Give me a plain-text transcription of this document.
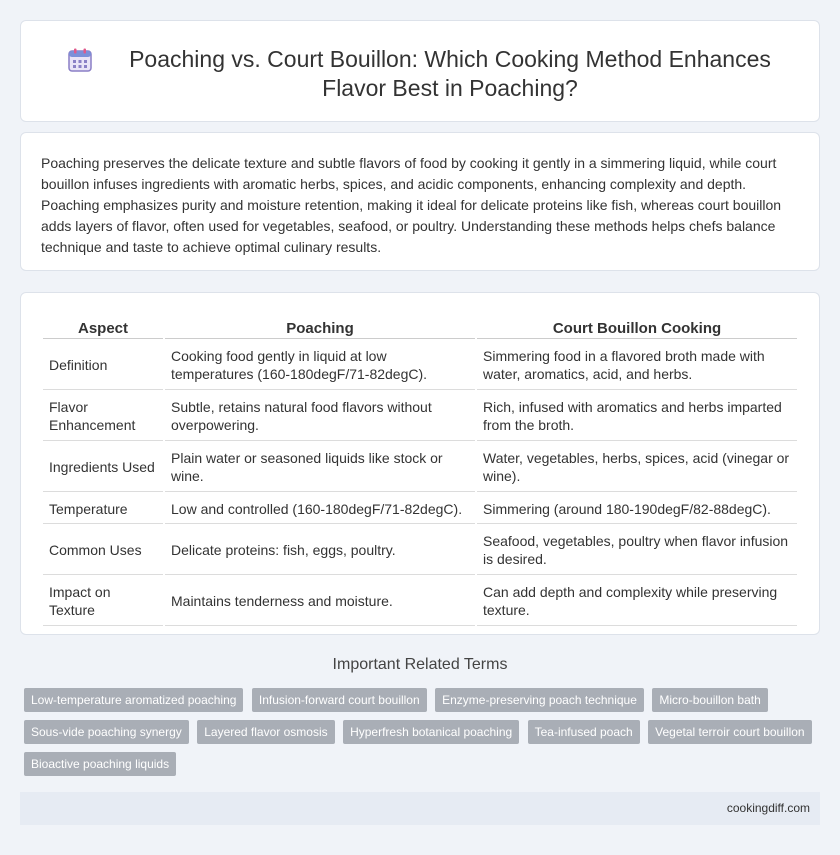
Poaching vs. Court Bouillon: Which Cooking Method Enhances Flavor Best in Poaching?

Poaching preserves the delicate texture and subtle flavors of food by cooking it gently in a simmering liquid, while court bouillon infuses ingredients with aromatic herbs, spices, and acidic components, enhancing complexity and depth. Poaching emphasizes purity and moisture retention, making it ideal for delicate proteins like fish, whereas court bouillon adds layers of flavor, often used for vegetables, seafood, or poultry. Understanding these methods helps chefs balance technique and taste to achieve optimal culinary results.

Aspect	Poaching	Court Bouillon Cooking
Definition	Cooking food gently in liquid at low temperatures (160-180degF/71-82degC).	Simmering food in a flavored broth made with water, aromatics, acid, and herbs.
Flavor Enhancement	Subtle, retains natural food flavors without overpowering.	Rich, infused with aromatics and herbs imparted from the broth.
Ingredients Used	Plain water or seasoned liquids like stock or wine.	Water, vegetables, herbs, spices, acid (vinegar or wine).
Temperature	Low and controlled (160-180degF/71-82degC).	Simmering (around 180-190degF/82-88degC).
Common Uses	Delicate proteins: fish, eggs, poultry.	Seafood, vegetables, poultry when flavor infusion is desired.
Impact on Texture	Maintains tenderness and moisture.	Can add depth and complexity while preserving texture.
Important Related Terms
Low-temperature aromatized poaching Infusion-forward court bouillon Enzyme-preserving poach technique Micro-bouillon bath Sous-vide poaching synergy Layered flavor osmosis Hyperfresh botanical poaching Tea-infused poach Vegetal terroir court bouillon Bioactive poaching liquids
cookingdiff.com
